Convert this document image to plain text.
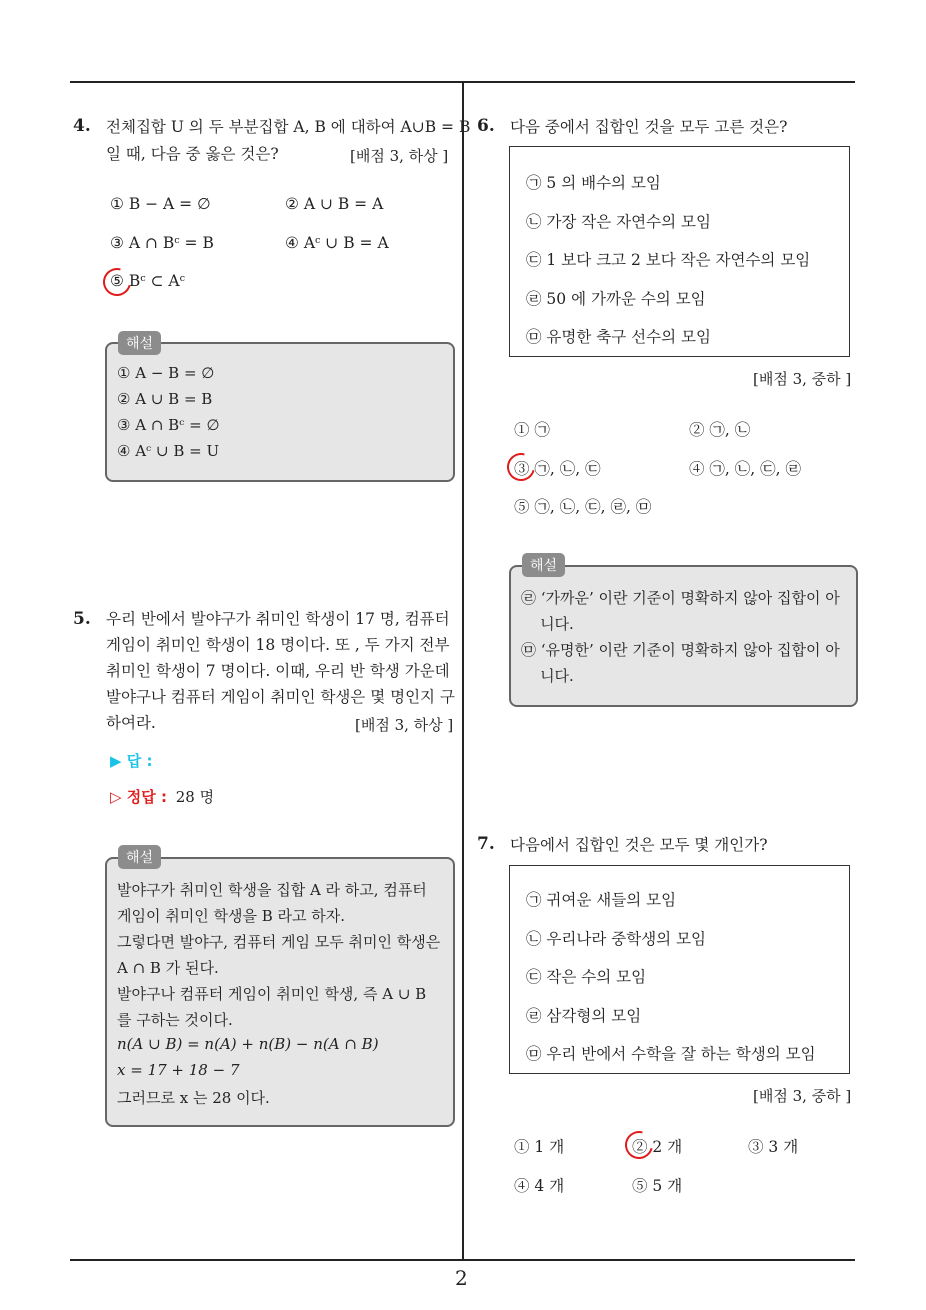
4. 전체집합 U 의 두 부분집합 A, B 에 대하여 A∪B = B
일 때, 다음 중 옳은 것은?	[배점 3, 하상 ]
① B − A = ∅	② A ∪ B = A
③ A ∩ Bᶜ = B	④ Aᶜ ∪ B = A
⑤ Bᶜ ⊂ Aᶜ
① A − B = ∅
② A ∪ B = B
③ A ∩ Bᶜ = ∅
④ Aᶜ ∪ B = U
해설
5. 우리 반에서 발야구가 취미인 학생이 17 명, 컴퓨터
게임이 취미인 학생이 18 명이다. 또 , 두 가지 전부
취미인 학생이 7 명이다. 이때, 우리 반 학생 가운데
발야구나 컴퓨터 게임이 취미인 학생은 몇 명인지 구
하여라.	[배점 3, 하상 ]
▶ 답 :
▷ 정답 : 28 명
발야구가 취미인 학생을 집합 A 라 하고, 컴퓨터
게임이 취미인 학생을 B 라고 하자.
그렇다면 발야구, 컴퓨터 게임 모두 취미인 학생은
A ∩ B 가 된다.
발야구나 컴퓨터 게임이 취미인 학생, 즉 A ∪ B
를 구하는 것이다.
n(A ∪ B) = n(A) + n(B) − n(A ∩ B)
x = 17 + 18 − 7
그러므로 x 는 28 이다.
해설
6. 다음 중에서 집합인 것을 모두 고른 것은?
㉠ 5 의 배수의 모임
㉡ 가장 작은 자연수의 모임
㉢ 1 보다 크고 2 보다 작은 자연수의 모임
㉣ 50 에 가까운 수의 모임
㉤ 유명한 축구 선수의 모임
[배점 3, 중하 ]
① ㉠	② ㉠, ㉡
③ ㉠, ㉡, ㉢	④ ㉠, ㉡, ㉢, ㉣
⑤ ㉠, ㉡, ㉢, ㉣, ㉤
㉣ ‘가까운’ 이란 기준이 명확하지 않아 집합이 아
니다.
㉤ ‘유명한’ 이란 기준이 명확하지 않아 집합이 아
니다.
해설
7. 다음에서 집합인 것은 모두 몇 개인가?
㉠ 귀여운 새들의 모임
㉡ 우리나라 중학생의 모임
㉢ 작은 수의 모임
㉣ 삼각형의 모임
㉤ 우리 반에서 수학을 잘 하는 학생의 모임
[배점 3, 중하 ]
① 1 개	② 2 개	③ 3 개
④ 4 개	⑤ 5 개
2
